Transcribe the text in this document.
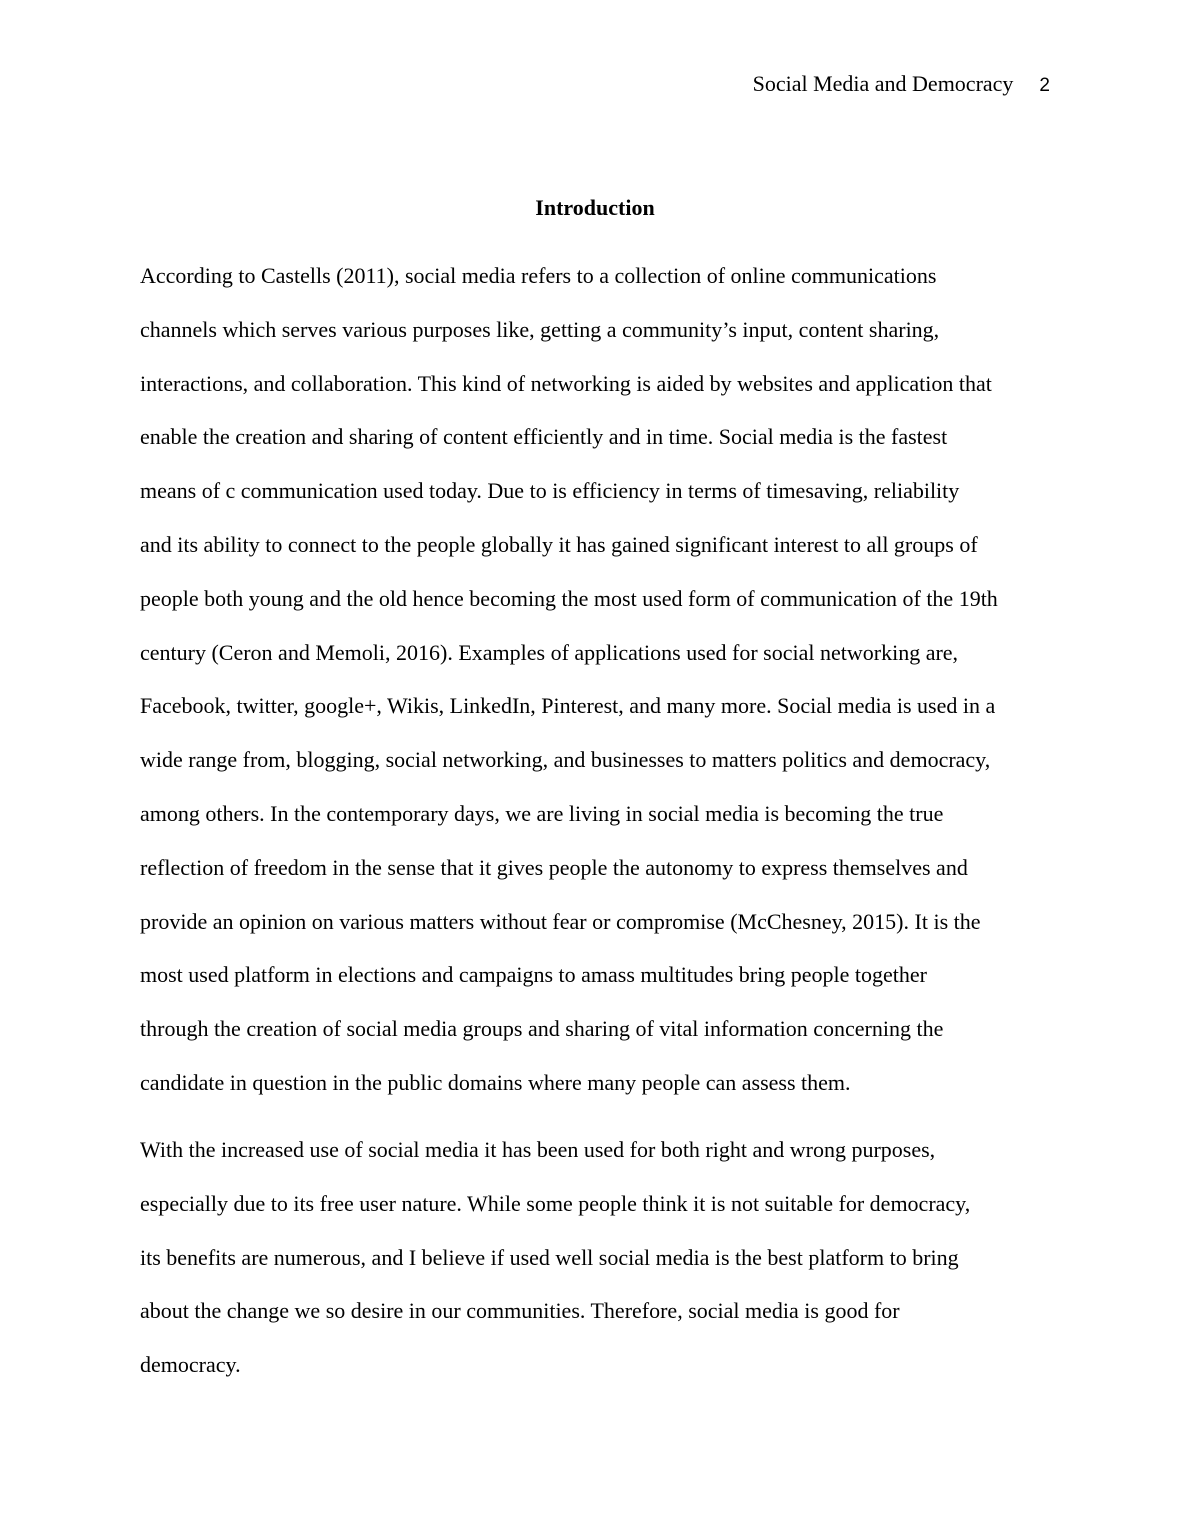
Social Media and Democracy 2
Introduction
According to Castells (2011), social media refers to a collection of online communications
channels which serves various purposes like, getting a community’s input, content sharing,
interactions, and collaboration. This kind of networking is aided by websites and application that
enable the creation and sharing of content efficiently and in time. Social media is the fastest
means of c communication used today. Due to is efficiency in terms of timesaving, reliability
and its ability to connect to the people globally it has gained significant interest to all groups of
people both young and the old hence becoming the most used form of communication of the 19th
century (Ceron and Memoli, 2016). Examples of applications used for social networking are,
Facebook, twitter, google+, Wikis, LinkedIn, Pinterest, and many more. Social media is used in a
wide range from, blogging, social networking, and businesses to matters politics and democracy,
among others. In the contemporary days, we are living in social media is becoming the true
reflection of freedom in the sense that it gives people the autonomy to express themselves and
provide an opinion on various matters without fear or compromise (McChesney, 2015). It is the
most used platform in elections and campaigns to amass multitudes bring people together
through the creation of social media groups and sharing of vital information concerning the
candidate in question in the public domains where many people can assess them.
With the increased use of social media it has been used for both right and wrong purposes,
especially due to its free user nature. While some people think it is not suitable for democracy,
its benefits are numerous, and I believe if used well social media is the best platform to bring
about the change we so desire in our communities. Therefore, social media is good for
democracy.
